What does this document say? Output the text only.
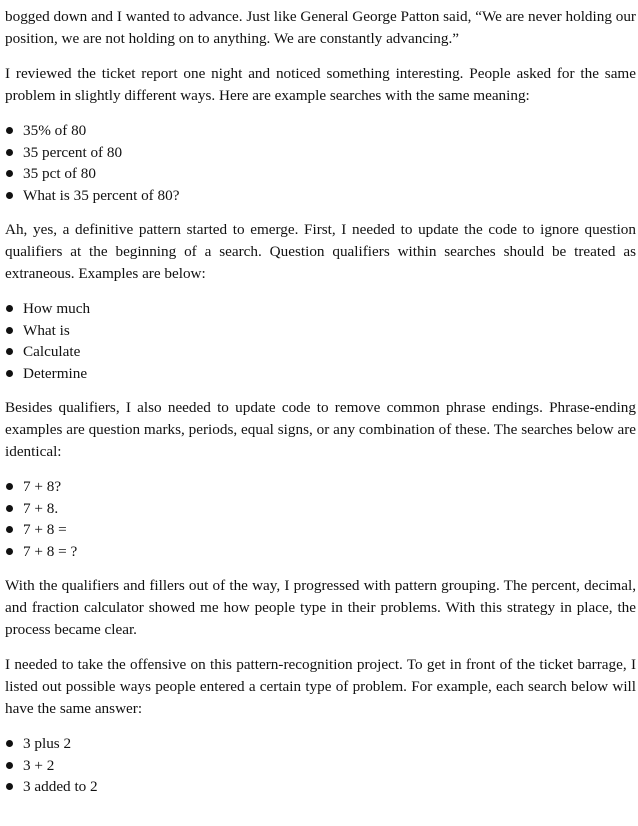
bogged down and I wanted to advance. Just like General George Patton said, “We are never holding our position, we are not holding on to anything. We are constantly advancing.”

I reviewed the ticket report one night and noticed something interesting. People asked for the same problem in slightly different ways. Here are example searches with the same meaning:

35% of 80
35 percent of 80
35 pct of 80
What is 35 percent of 80?

Ah, yes, a definitive pattern started to emerge. First, I needed to update the code to ignore question qualifiers at the beginning of a search. Question qualifiers within searches should be treated as extraneous. Examples are below:

How much
What is
Calculate
Determine

Besides qualifiers, I also needed to update code to remove common phrase endings. Phrase-ending examples are question marks, periods, equal signs, or any combination of these. The searches below are identical:

7 + 8?
7 + 8.
7 + 8 =
7 + 8 = ?

With the qualifiers and fillers out of the way, I progressed with pattern grouping. The percent, decimal, and fraction calculator showed me how people type in their problems. With this strategy in place, the process became clear.

I needed to take the offensive on this pattern-recognition project. To get in front of the ticket barrage, I listed out possible ways people entered a certain type of problem. For example, each search below will have the same answer:

3 plus 2
3 + 2
3 added to 2
